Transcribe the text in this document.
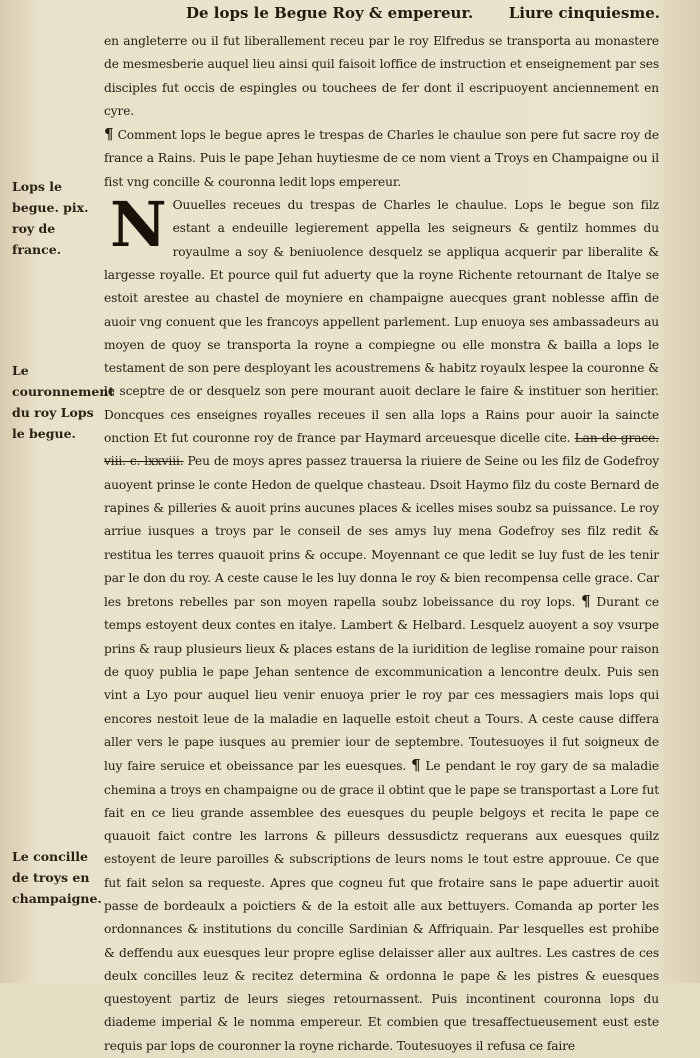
De lops le Begue Roy & empereur. Liure cinquiesme.
Lops le begue. pix. roy de france.
Le couronnement du roy Lops le begue.
Le concille de troys en champaigne.

en angleterre ou il fut liberallement receu par le roy Elfredus se transporta au monastere de mesmesberie auquel lieu ainsi quil faisoit loffice de instruction et enseignement par ses disciples fut occis de espingles ou touchees de fer dont il escripuoyent anciennement en cyre.

¶ Comment lops le begue apres le trespas de Charles le chaulue son pere fut sacre roy de france a Rains. Puis le pape Jehan huytiesme de ce nom vient a Troys en Champaigne ou il fist vng concille & couronna ledit lops empereur.

N Ouuelles receues du trespas de Charles le chaulue. Lops le begue son filz estant a endeuille legierement appella les seigneurs & gentilz hommes du royaulme a soy & beniuolence desquelz se appliqua acquerir par liberalite & largesse royalle. Et pource quil fut aduerty que la royne Richente retournant de Italye se estoit arestee au chastel de moyniere en champaigne auecques grant noblesse affin de auoir vng conuent que les francoys appellent parlement. Lup enuoya ses ambassadeurs au moyen de quoy se transporta la royne a compiegne ou elle monstra & bailla a lops le testament de son pere desployant les acoustremens & habitz royaulx lespee la couronne & le sceptre de or desquelz son pere mourant auoit declare le faire & instituer son heritier. Doncques ces enseignes royalles receues il sen alla lops a Rains pour auoir la saincte onction Et fut couronne roy de france par Haymard arceuesque dicelle cite. Lan de grace. viii. c. lxxviii. Peu de moys apres passez trauersa la riuiere de Seine ou les filz de Godefroy auoyent prinse le conte Hedon de quelque chasteau. Dsoit Haymo filz du coste Bernard de rapines & pilleries & auoit prins aucunes places & icelles mises soubz sa puissance. Le roy arriue iusques a troys par le conseil de ses amys luy mena Godefroy ses filz redit & restitua les terres quauoit prins & occupe. Moyennant ce que ledit se luy fust de les tenir par le don du roy. A ceste cause le les luy donna le roy & bien recompensa celle grace. Car les bretons rebelles par son moyen rapella soubz lobeissance du roy lops. ¶ Durant ce temps estoyent deux contes en italye. Lambert & Helbard. Lesquelz auoyent a soy vsurpe prins & raup plusieurs lieux & places estans de la iuridition de leglise romaine pour raison de quoy publia le pape Jehan sentence de excommunication a lencontre deulx. Puis sen vint a Lyo pour auquel lieu venir enuoya prier le roy par ces messagiers mais lops qui encores nestoit leue de la maladie en laquelle estoit cheut a Tours. A ceste cause differa aller vers le pape iusques au premier iour de septembre. Toutesuoyes il fut soigneux de luy faire seruice et obeissance par les euesques. ¶ Le pendant le roy gary de sa maladie chemina a troys en champaigne ou de grace il obtint que le pape se transportast a Lore fut fait en ce lieu grande assemblee des euesques du peuple belgoys et recita le pape ce quauoit faict contre les larrons & pilleurs dessusdictz requerans aux euesques quilz estoyent de leure paroilles & subscriptions de leurs noms le tout estre approuue. Ce que fut fait selon sa requeste. Apres que cogneu fut que frotaire sans le pape aduertir auoit passe de bordeaulx a poictiers & de la estoit alle aux bettuyers. Comanda ap porter les ordonnances & institutions du concille Sardinian & Affriquain. Par lesquelles est prohibe & deffendu aux euesques leur propre eglise delaisser aller aux aultres. Les castres de ces deulx concilles leuz & recitez determina & ordonna le pape & les pistres & euesques questoyent partiz de leurs sieges retournassent. Puis incontinent couronna lops du diademe imperial & le nomma empereur. Et combien que tresaffectueusement eust este requis par lops de couronner la royne richarde. Toutesuoyes il refusa ce faire
